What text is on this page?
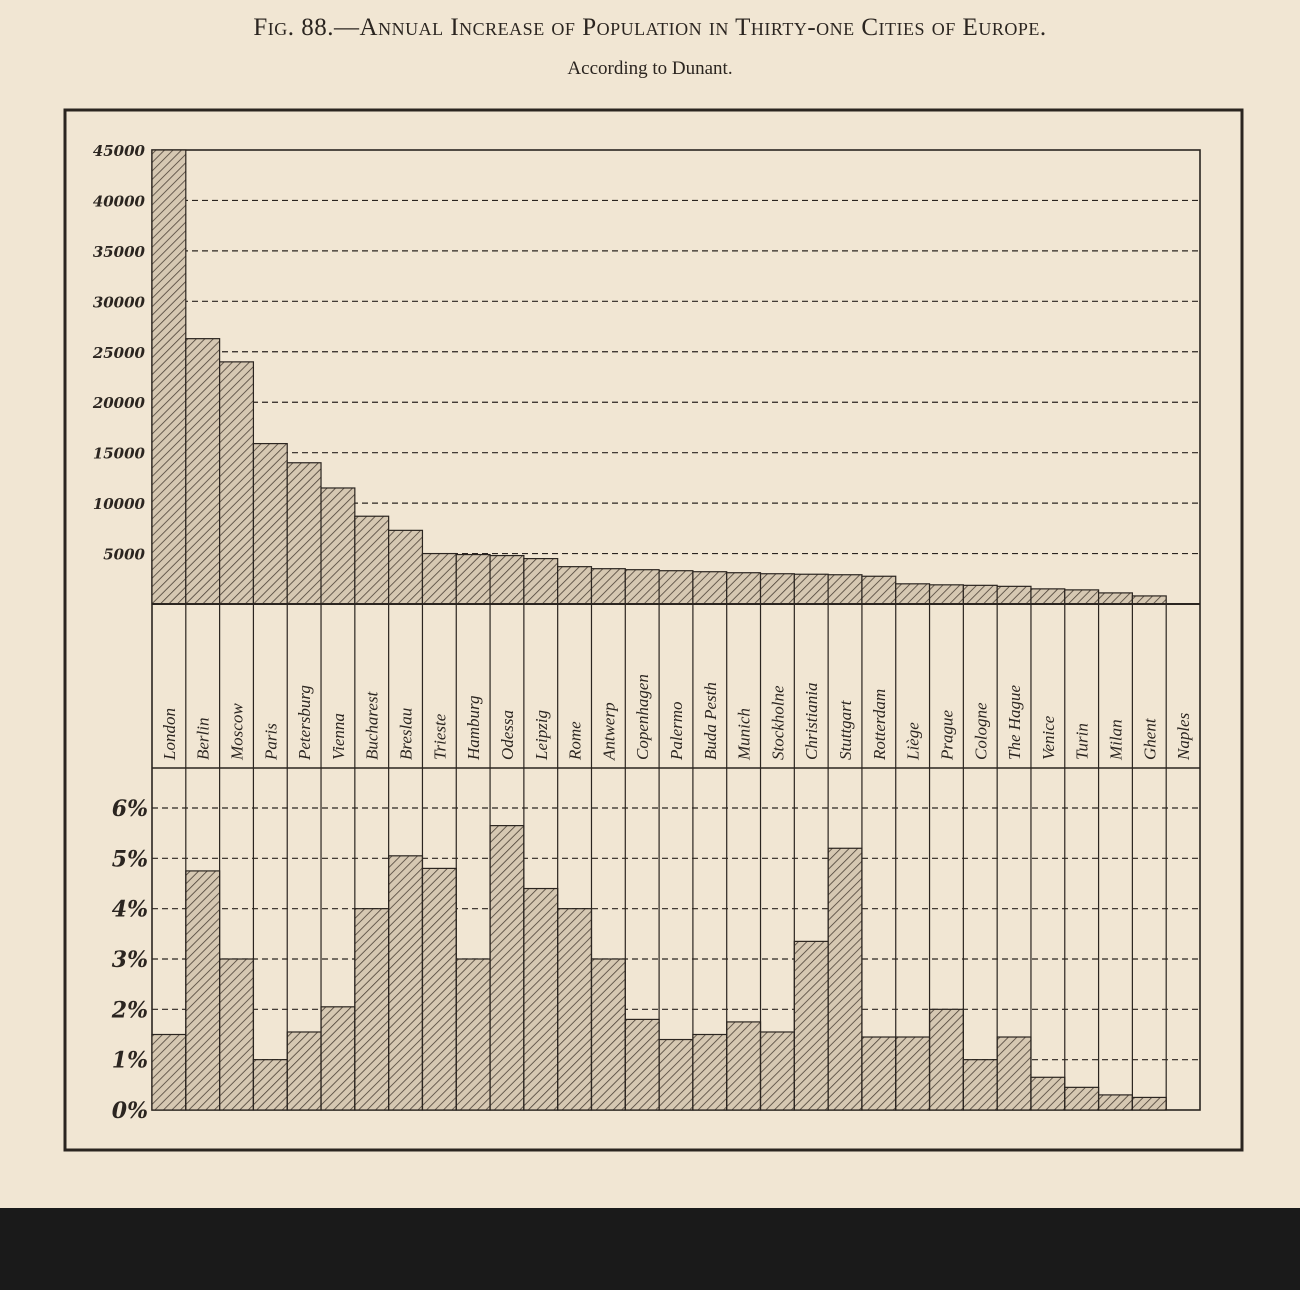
Fig. 88.—Annual Increase of Population in Thirty-one Cities of Europe.
According to Dunant.
45000
40000
35000
30000
25000
20000
15000
10000
5000
6%
5%
4%
3%
2%
1%
0%
London Berlin Moscow Paris Petersburg Vienna Bucharest Breslau Trieste Hamburg Odessa Leipzig Rome Antwerp Copenhagen Palermo Buda Pesth Munich Stockholne Christiania Stuttgart Rotterdam Liège Prague Cologne The Hague Venice Turin Milan Ghent Naples
